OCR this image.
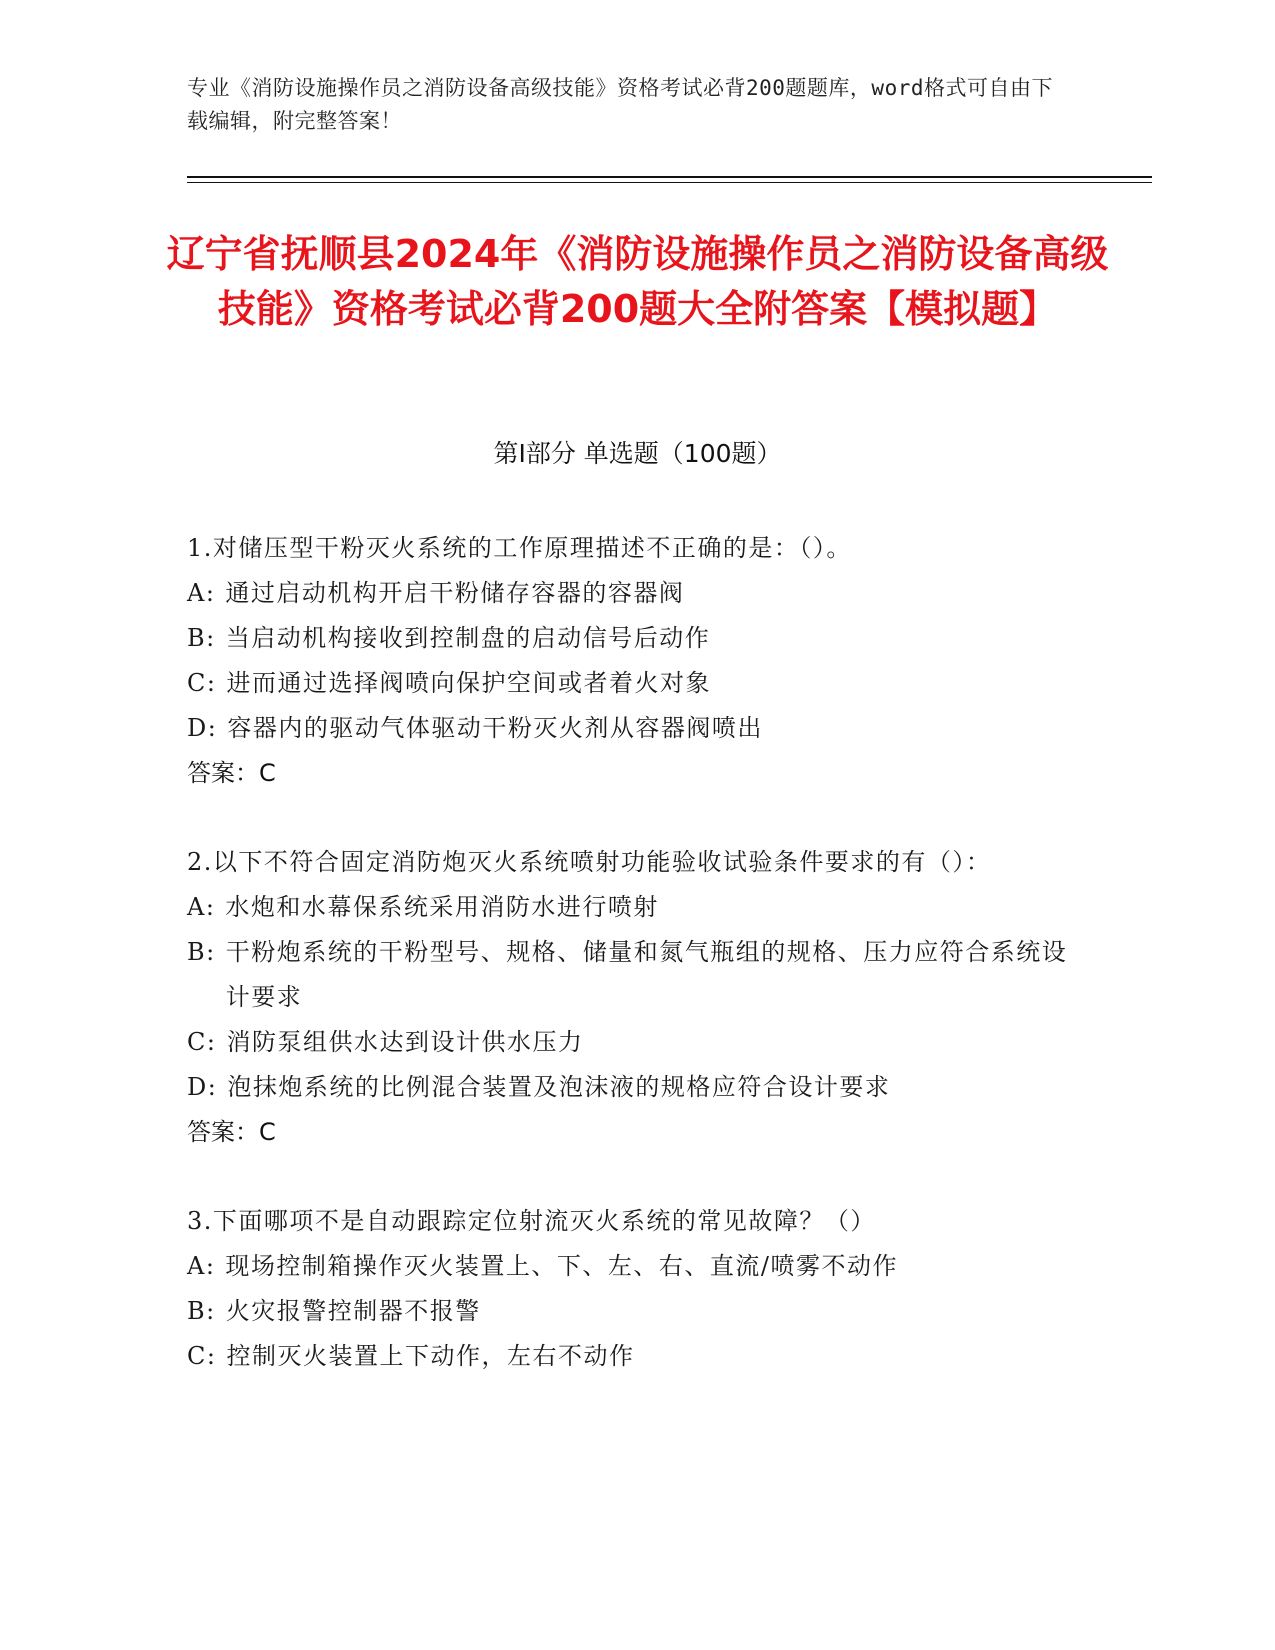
专业《消防设施操作员之消防设备高级技能》资格考试必背200题题库，word格式可自由下载编辑，附完整答案！
辽宁省抚顺县2024年《消防设施操作员之消防设备高级技能》资格考试必背200题大全附答案【模拟题】
第Ⅰ部分 单选题（100题）
1.对储压型干粉灭火系统的工作原理描述不正确的是：（）。
A: 通过启动机构开启干粉储存容器的容器阀
B: 当启动机构接收到控制盘的启动信号后动作
C: 进而通过选择阀喷向保护空间或者着火对象
D: 容器内的驱动气体驱动干粉灭火剂从容器阀喷出
答案：C
2.以下不符合固定消防炮灭火系统喷射功能验收试验条件要求的有（）：
A: 水炮和水幕保系统采用消防水进行喷射
B: 干粉炮系统的干粉型号、规格、储量和氮气瓶组的规格、压力应符合系统设计要求
C: 消防泵组供水达到设计供水压力
D: 泡抹炮系统的比例混合装置及泡沫液的规格应符合设计要求
答案：C
3.下面哪项不是自动跟踪定位射流灭火系统的常见故障？（）
A: 现场控制箱操作灭火装置上、下、左、右、直流/喷雾不动作
B: 火灾报警控制器不报警
C: 控制灭火装置上下动作，左右不动作
